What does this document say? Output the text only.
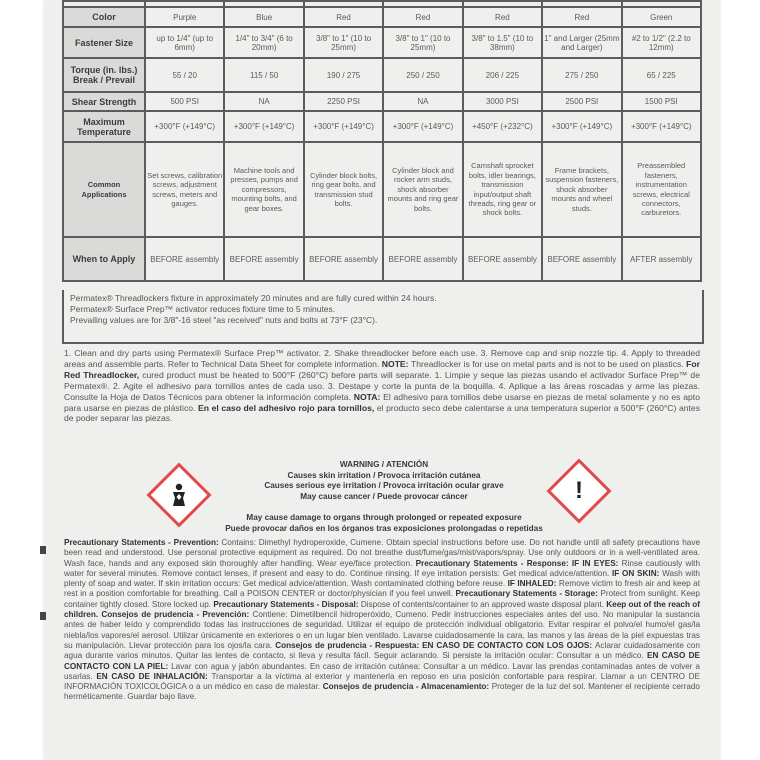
Color	Purple	Blue	Red	Red	Red	Red	Green
Fastener Size	up to 1/4" (up to 6mm)	1/4" to 3/4" (6 to 20mm)	3/8" to 1" (10 to 25mm)	3/8" to 1" (10 to 25mm)	3/8" to 1.5" (10 to 38mm)	1" and Larger (25mm and Larger)	#2 to 1/2" (2.2 to 12mm)
Torque (in. lbs.) Break / Prevail	55 / 20	115 / 50	190 / 275	250 / 250	206 / 225	275 / 250	65 / 225
Shear Strength	500 PSI	NA	2250 PSI	NA	3000 PSI	2500 PSI	1500 PSI
Maximum Temperature	+300°F (+149°C)	+300°F (+149°C)	+300°F (+149°C)	+300°F (+149°C)	+450°F (+232°C)	+300°F (+149°C)	+300°F (+149°C)
Common Applications	Set screws, calibration screws, adjustment screws, meters and gauges.	Machine tools and presses, pumps and compressors, mounting bolts, and gear boxes.	Cylinder block bolts, ring gear bolts, and transmission stud bolts.	Cylinder block and rocker arm studs, shock absorber mounts and ring gear bolts.	Camshaft sprocket bolts, idler bearings, transmission input/output shaft threads, ring gear or shock bolts.	Frame brackets, suspension fasteners, shock absorber mounts and wheel studs.	Preassembled fasteners, instrumentation screws, electrical connectors, carburetors.
When to Apply	BEFORE assembly	BEFORE assembly	BEFORE assembly	BEFORE assembly	BEFORE assembly	BEFORE assembly	AFTER assembly
Permatex® Threadlockers fixture in approximately 20 minutes and are fully cured within 24 hours.
Permatex® Surface Prep™ activator reduces fixture time to 5 minutes.
Prevailing values are for 3/8"-16 steel "as received" nuts and bolts at 73°F (23°C).
1. Clean and dry parts using Permatex® Surface Prep™ activator. 2. Shake threadlocker before each use. 3. Remove cap and snip nozzle tip. 4. Apply to threaded areas and assemble parts. Refer to Technical Data Sheet for complete information. NOTE: Threadlocker is for use on metal parts and is not to be used on plastics. For Red Threadlocker, cured product must be heated to 500°F (260°C) before parts will separate. 1. Limpie y seque las piezas usando el activador Surface Prep™ de Permatex®. 2. Agite el adhesivo para tornillos antes de cada uso. 3. Destape y corte la punta de la boquilla. 4. Aplique a las áreas roscadas y arme las piezas. Consulte la Hoja de Datos Técnicos para obtener la información completa. NOTA: El adhesivo para tornillos debe usarse en piezas de metal solamente y no es apto para usarse en piezas de plástico. En el caso del adhesivo rojo para tornillos, el producto seco debe calentarse a una temperatura superior a 500°F (260°C) antes de poder separar las piezas.
WARNING / ATENCIÓN
Causes skin irritation / Provoca irritación cutánea
Causes serious eye irritation / Provoca irritación ocular grave
May cause cancer / Puede provocar cáncer
May cause damage to organs through prolonged or repeated exposure
Puede provocar daños en los órganos tras exposiciones prolongadas o repetidas
!
Precautionary Statements - Prevention: Contains: Dimethyl hydroperoxide, Cumene. Obtain special instructions before use. Do not handle until all safety precautions have been read and understood. Use personal protective equipment as required. Do not breathe dust/fume/gas/mist/vapors/spray. Use only outdoors or in a well-ventilated area. Wash face, hands and any exposed skin thoroughly after handling. Wear eye/face protection. Precautionary Statements - Response: IF IN EYES: Rinse cautiously with water for several minutes. Remove contact lenses, if present and easy to do. Continue rinsing. If eye irritation persists: Get medical advice/attention. IF ON SKIN: Wash with plenty of soap and water. If skin irritation occurs: Get medical advice/attention. Wash contaminated clothing before reuse. IF INHALED: Remove victim to fresh air and keep at rest in a position comfortable for breathing. Call a POISON CENTER or doctor/physician if you feel unwell. Precautionary Statements - Storage: Protect from sunlight. Keep container tightly closed. Store locked up. Precautionary Statements - Disposal: Dispose of contents/container to an approved waste disposal plant. Keep out of the reach of children. Consejos de prudencia - Prevención: Contiene: Dimetilbencil hidroperóxido, Cumeno. Pedir instrucciones especiales antes del uso. No manipular la sustancia antes de haber leído y comprendido todas las instrucciones de seguridad. Utilizar el equipo de protección individual obligatorio. Evitar respirar el polvo/el humo/el gas/la niebla/los vapores/el aerosol. Utilizar únicamente en exteriores o en un lugar bien ventilado. Lavarse cuidadosamente la cara, las manos y las áreas de la piel expuestas tras su manipulación. Llevar protección para los ojos/la cara. Consejos de prudencia - Respuesta: EN CASO DE CONTACTO CON LOS OJOS: Aclarar cuidadosamente con agua durante varios minutos. Quitar las lentes de contacto, si lleva y resulta fácil. Seguir aclarando. Si persiste la irritación ocular: Consultar a un médico. EN CASO DE CONTACTO CON LA PIEL: Lavar con agua y jabón abundantes. En caso de irritación cutánea: Consultar a un médico. Lavar las prendas contaminadas antes de volver a usarlas. EN CASO DE INHALACIÓN: Transportar a la víctima al exterior y mantenerla en reposo en una posición confortable para respirar. Llamar a un CENTRO DE INFORMACIÓN TOXICOLÓGICA o a un médico en caso de malestar. Consejos de prudencia - Almacenamiento: Proteger de la luz del sol. Mantener el recipiente cerrado herméticamente. Guardar bajo llave.
